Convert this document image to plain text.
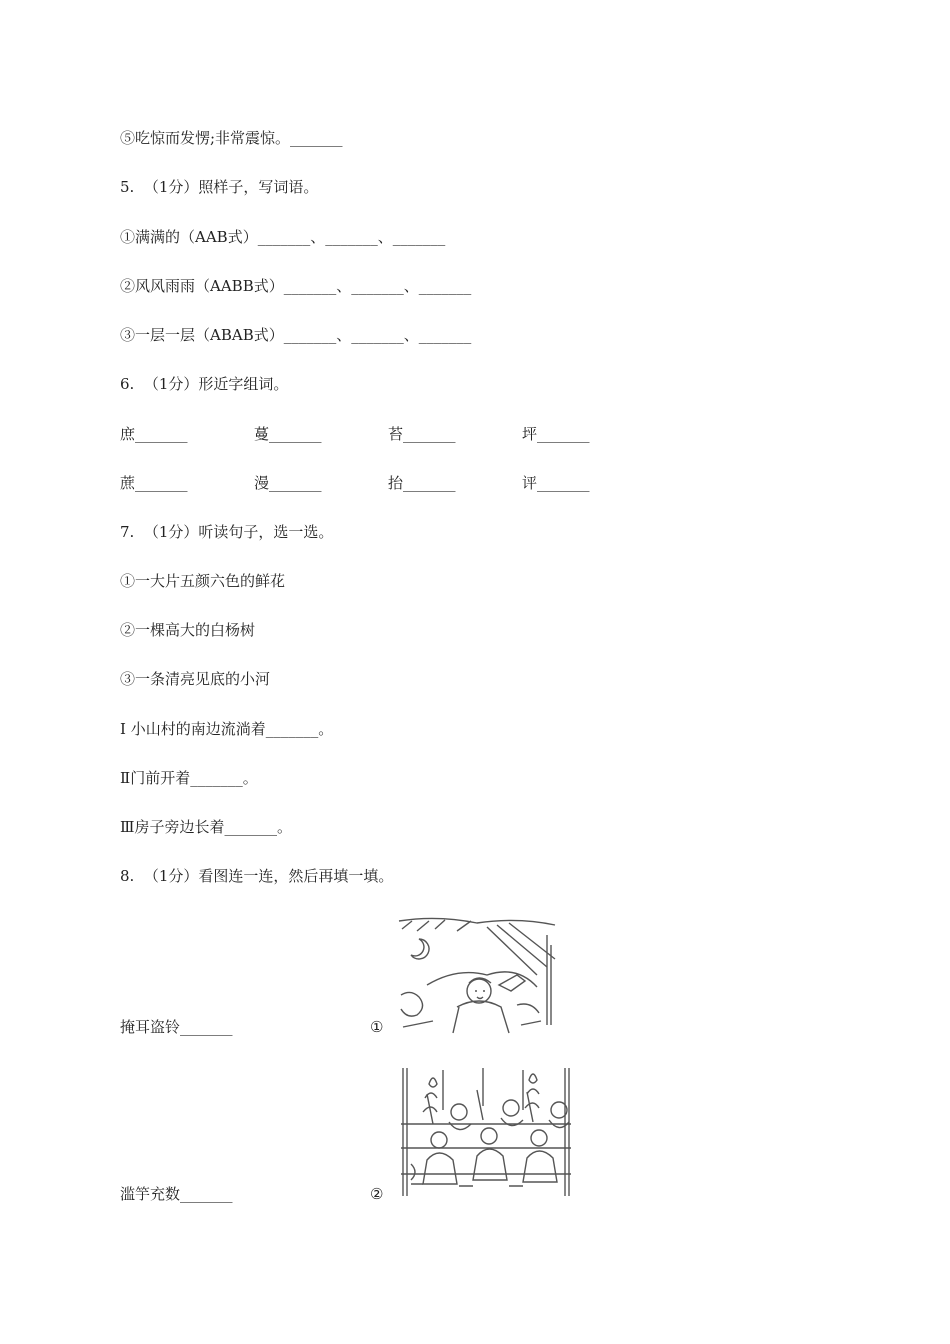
⑤吃惊而发愣;非常震惊。_______
5.  （1分）照样子，写词语。
①满满的（AAB式）_______、_______、_______
②风风雨雨（AABB式）_______、_______、_______
③一层一层（ABAB式）_______、_______、_______
6.  （1分）形近字组词。
庶_______	蔓_______	苔_______	坪_______
蔗_______	漫_______	抬_______	评_______
7.  （1分）听读句子，选一选。
①一大片五颜六色的鲜花
②一棵高大的白杨树
③一条清亮见底的小河
Ⅰ 小山村的南边流淌着_______。
Ⅱ门前开着_______。
Ⅲ房子旁边长着_______。
8.  （1分）看图连一连，然后再填一填。
掩耳盗铃_______	①
滥竽充数_______	②
